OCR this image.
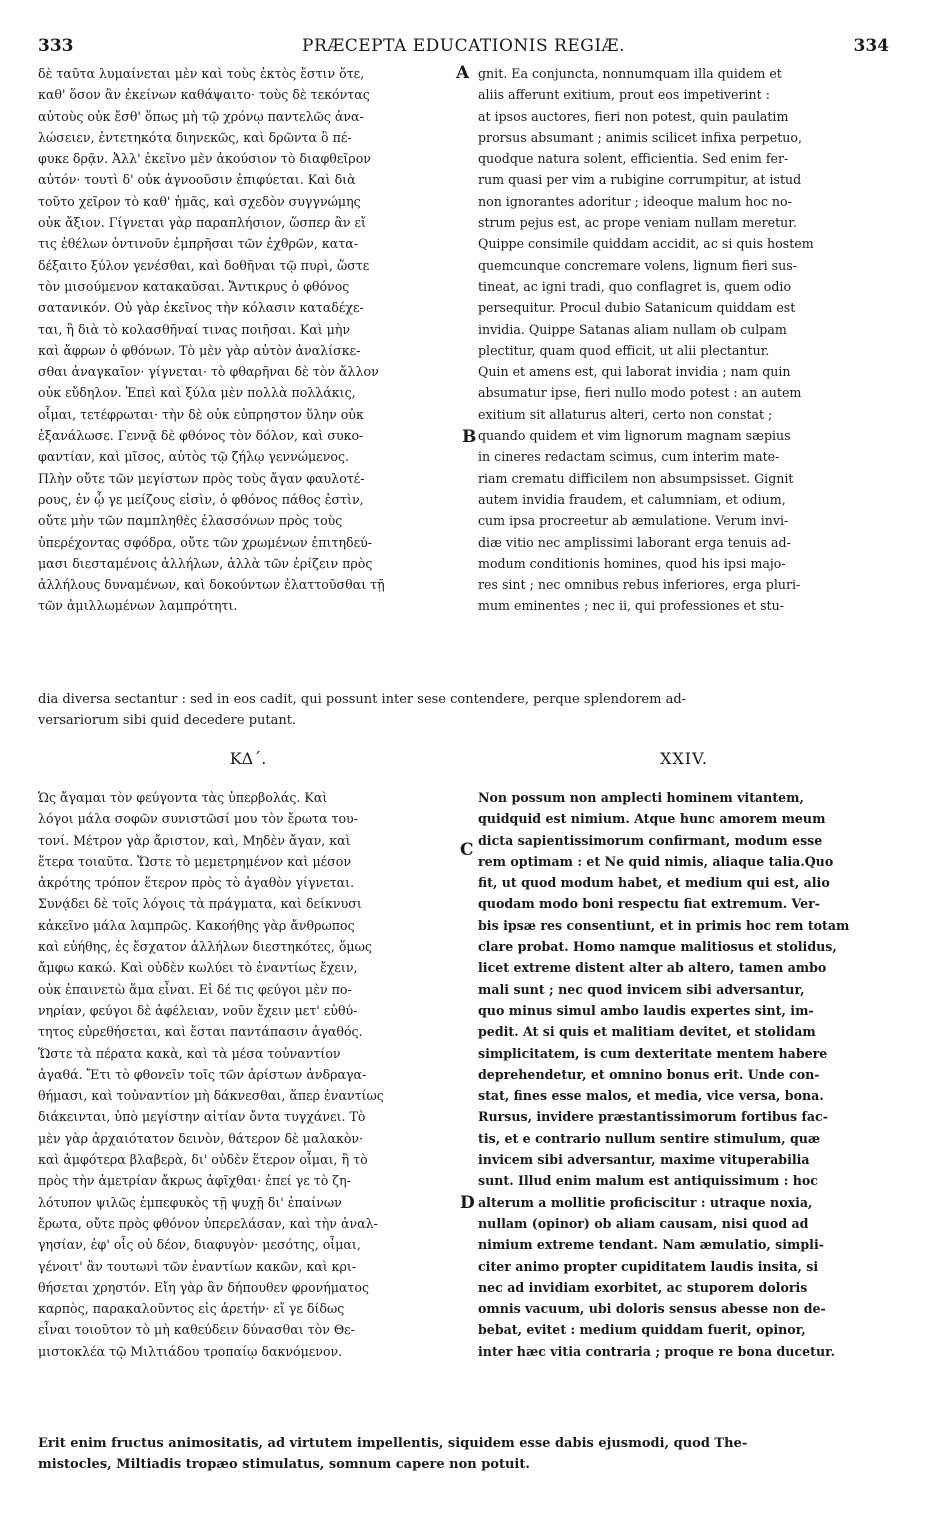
333	PRÆCEPTA EDUCATIONIS REGIÆ.	334
δὲ ταῦτα λυμαίνεται μὲν καὶ τοὺς ἐκτὸς ἔστιν ὅτε,
καθ' ὅσον ἂν ἐκείνων καθάψαιτο· τοὺς δὲ τεκόντας
αὐτοὺς οὐκ ἔσθ' ὅπως μὴ τῷ χρόνῳ παντελῶς ἀνα-
λώσειεν, ἐντετηκότα διηνεκῶς, καὶ δρῶντα ὃ πέ-
φυκε δρᾷν. Ἀλλ' ἐκεῖνο μὲν ἀκούσιον τὸ διαφθεῖρον
αὐτόν· τουτὶ δ' οὐκ ἀγνοοῦσιν ἐπιφύεται. Καὶ διὰ
τοῦτο χεῖρον τὸ καθ' ἡμᾶς, καὶ σχεδὸν συγγνώμης
οὐκ ἄξιον. Γίγνεται γὰρ παραπλήσιον, ὥσπερ ἂν εἴ
τις ἐθέλων ὁντινοῦν ἐμπρῆσαι τῶν ἐχθρῶν, κατα-
δέξαιτο ξύλον γενέσθαι, καὶ δοθῆναι τῷ πυρὶ, ὥστε
τὸν μισούμενον κατακαῦσαι. Ἄντικρυς ὁ φθόνος
σατανικόν. Οὐ γὰρ ἐκεῖνος τὴν κόλασιν καταδέχε-
ται, ἢ διὰ τὸ κολασθῆναί τινας ποιῆσαι. Καὶ μὴν
καὶ ἄφρων ὁ φθόνων. Τὸ μὲν γὰρ αὐτὸν ἀναλίσκε-
σθαι ἀναγκαῖον· γίγνεται· τὸ φθαρῆναι δὲ τὸν ἄλλον
οὐκ εὔδηλον. Ἐπεὶ καὶ ξύλα μὲν πολλὰ πολλάκις,
οἶμαι, τετέφρωται· τὴν δὲ οὐκ εὐπρηστον ὕλην οὐκ
ἐξανάλωσε. Γεννᾷ δὲ φθόνος τὸν δόλον, καὶ συκο-
φαντίαν, καὶ μῖσος, αὐτὸς τῷ ζήλῳ γεννώμενος.
Πλὴν οὔτε τῶν μεγίστων πρὸς τοὺς ἄγαν φαυλοτέ-
ρους, ἐν ᾧ γε μείζους εἰσὶν, ὁ φθόνος πάθος ἐστὶν,
οὔτε μὴν τῶν παμπληθὲς ἐλασσόνων πρὸς τοὺς
ὑπερέχοντας σφόδρα, οὔτε τῶν χρωμένων ἐπιτηδεύ-
μασι διεσταμένοις ἀλλήλων, ἀλλὰ τῶν ἐρίζειν πρὸς
ἀλλήλους δυναμένων, καὶ δοκούντων ἐλαττοῦσθαι τῇ
τῶν ἀμιλλωμένων λαμπρότητι.
gnit. Ea conjuncta, nonnumquam illa quidem et
aliis afferunt exitium, prout eos impetiverint :
at ipsos auctores, fieri non potest, quin paulatim
prorsus absumant ; animis scilicet infixa perpetuo,
quodque natura solent, efficientia. Sed enim fer-
rum quasi per vim a rubigine corrumpitur, at istud
non ignorantes adoritur ; ideoque malum hoc no-
strum pejus est, ac prope veniam nullam meretur.
Quippe consimile quiddam accidit, ac si quis hostem
quemcunque concremare volens, lignum fieri sus-
tineat, ac igni tradi, quo conflagret is, quem odio
persequitur. Procul dubio Satanicum quiddam est
invidia. Quippe Satanas aliam nullam ob culpam
plectitur, quam quod efficit, ut alii plectantur.
Quin et amens est, qui laborat invidia ; nam quin
absumatur ipse, fieri nullo modo potest : an autem
exitium sit allaturus alteri, certo non constat ;
quando quidem et vim lignorum magnam sæpius
in cineres redactam scimus, cum interim mate-
riam crematu difficilem non absumpsisset. Gignit
autem invidia fraudem, et calumniam, et odium,
cum ipsa procreetur ab æmulatione. Verum invi-
diæ vitio nec amplissimi laborant erga tenuis ad-
modum conditionis homines, quod his ipsi majo-
res sint ; nec omnibus rebus inferiores, erga pluri-
mum eminentes ; nec ii, qui professiones et stu-
dia diversa sectantur : sed in eos cadit, qui possunt inter sese contendere, perque splendorem ad-
versariorum sibi quid decedere putant.
ΚΔ΄.	XXIV.
Ὡς ἄγαμαι τὸν φεύγοντα τὰς ὑπερβολάς. Καὶ
λόγοι μάλα σοφῶν συνιστῶσί μου τὸν ἔρωτα του-
τονί. Μέτρον γὰρ ἄριστον, καὶ, Μηδὲν ἄγαν, καὶ
ἕτερα τοιαῦτα. Ὥστε τὸ μεμετρημένον καὶ μέσον
ἀκρότης τρόπον ἕτερον πρὸς τὸ ἀγαθὸν γίγνεται.
Συνᾴδει δὲ τοῖς λόγοις τὰ πράγματα, καὶ δείκνυσι
κἀκεῖνο μάλα λαμπρῶς. Κακοήθης γὰρ ἄνθρωπος
καὶ εὐήθης, ἐς ἔσχατον ἀλλήλων διεστηκότες, ὅμως
ἄμφω κακώ. Καὶ οὐδὲν κωλύει τὸ ἐναντίως ἔχειν,
οὐκ ἐπαινετὼ ἅμα εἶναι. Εἰ δέ τις φεύγοι μὲν πο-
νηρίαν, φεύγοι δὲ ἀφέλειαν, νοῦν ἔχειν μετ' εὐθύ-
τητος εὑρεθήσεται, καὶ ἔσται παντάπασιν ἀγαθός.
Ὥστε τὰ πέρατα κακὰ, καὶ τὰ μέσα τοὐναντίον
ἀγαθά. Ἔτι τὸ φθονεῖν τοῖς τῶν ἀρίστων ἀνδραγα-
θήμασι, καὶ τοὐναντίον μὴ δάκνεσθαι, ἅπερ ἐναντίως
διάκεινται, ὑπὸ μεγίστην αἰτίαν ὄντα τυγχάνει. Τὸ
μὲν γὰρ ἀρχαιότατον δεινὸν, θάτερον δὲ μαλακὸν·
καὶ ἀμφότερα βλαβερὰ, δι' οὐδὲν ἕτερον οἶμαι, ἢ τὸ
πρὸς τὴν ἀμετρίαν ἄκρως ἀφῖχθαι· ἐπεί γε τὸ ζη-
λότυπον ψιλῶς ἐμπεφυκὸς τῇ ψυχῇ δι' ἐπαίνων
ἔρωτα, οὔτε πρὸς φθόνον ὑπερελάσαν, καὶ τὴν ἀναλ-
γησίαν, ἐφ' οἷς οὐ δέον, διαφυγὸν· μεσότης, οἶμαι,
γένοιτ' ἂν τουτωνὶ τῶν ἐναντίων κακῶν, καὶ κρι-
θήσεται χρηστόν. Εἴη γὰρ ἂν δήπουθεν φρονήματος
καρπὸς, παρακαλοῦντος εἰς ἀρετήν· εἴ γε δίδως
εἶναι τοιοῦτον τὸ μὴ καθεύδειν δύνασθαι τὸν Θε-
μιστοκλέα τῷ Μιλτιάδου τροπαίῳ δακνόμενον.
Non possum non amplecti hominem vitantem,
quidquid est nimium. Atque hunc amorem meum
dicta sapientissimorum confirmant, modum esse
rem optimam : et Ne quid nimis, aliaque talia.Quo
fit, ut quod modum habet, et medium qui est, alio
quodam modo boni respectu fiat extremum. Ver-
bis ipsæ res consentiunt, et in primis hoc rem totam
clare probat. Homo namque malitiosus et stolidus,
licet extreme distent alter ab altero, tamen ambo
mali sunt ; nec quod invicem sibi adversantur,
quo minus simul ambo laudis expertes sint, im-
pedit. At si quis et malitiam devitet, et stolidam
simplicitatem, is cum dexteritate mentem habere
deprehendetur, et omnino bonus erit. Unde con-
stat, fines esse malos, et media, vice versa, bona.
Rursus, invidere præstantissimorum fortibus fac-
tis, et e contrario nullum sentire stimulum, quæ
invicem sibi adversantur, maxime vituperabilia
sunt. Illud enim malum est antiquissimum : hoc
alterum a mollitie proficiscitur : utraque noxia,
nullam (opinor) ob aliam causam, nisi quod ad
nimium extreme tendant. Nam æmulatio, simpli-
citer animo propter cupiditatem laudis insita, si
nec ad invidiam exorbitet, ac stuporem doloris
omnis vacuum, ubi doloris sensus abesse non de-
bebat, evitet : medium quiddam fuerit, opinor,
inter hæc vitia contraria ; proque re bona ducetur.
Erit enim fructus animositatis, ad virtutem impellentis, siquidem esse dabis ejusmodi, quod The-
mistocles, Miltiadis tropæo stimulatus, somnum capere non potuit.
A
B
C
D
